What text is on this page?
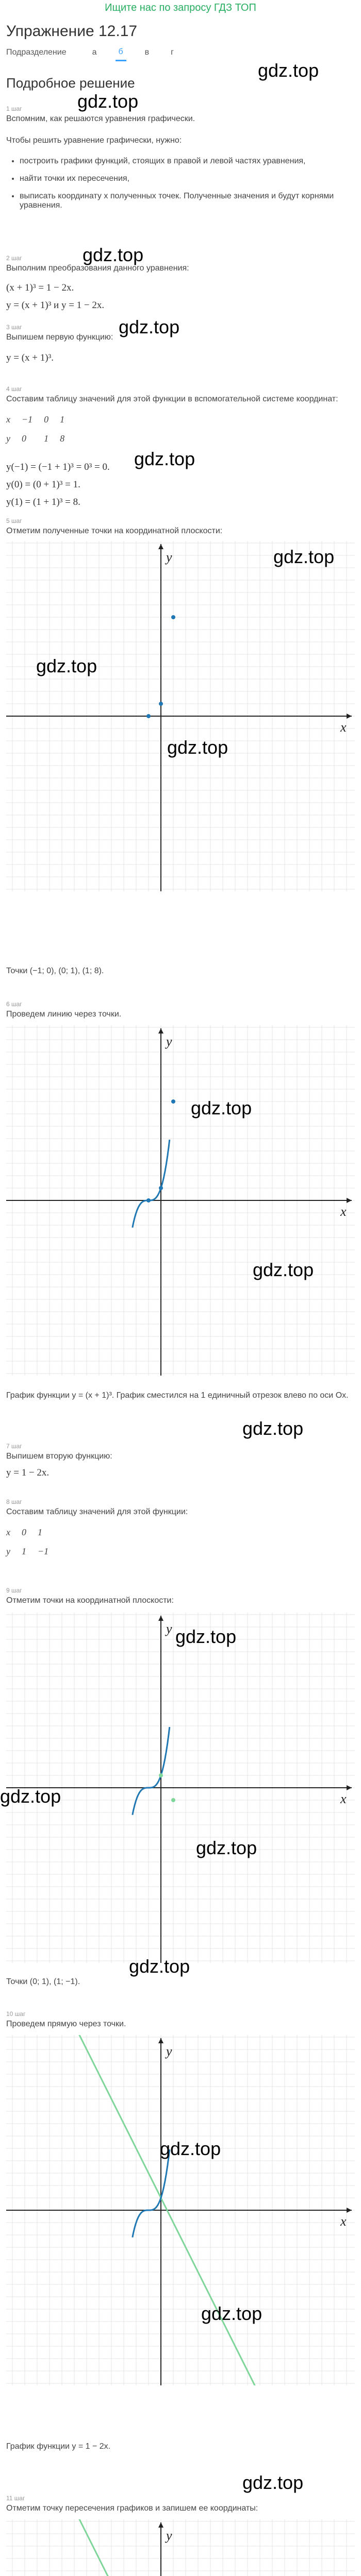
Ищите нас по запросу ГДЗ ТОП
Упражнение 12.17
Подразделение	а	б	в	г
Подробное решение
gdz.top
gdz.top
1 шаг
Вспомним, как решаются уравнения графически.
Чтобы решить уравнение графически, нужно:
• построить графики функций, стоящих в правой и левой частях уравнения,
• найти точки их пересечения,
• выписать координату x полученных точек. Полученные значения и будут корнями уравнения.
gdz.top
2 шаг
Выполним преобразования данного уравнения:
(x + 1)³ = 1 − 2x.
y = (x + 1)³ и y = 1 − 2x.
gdz.top
3 шаг
Выпишем первую функцию:
y = (x + 1)³.
4 шаг
Составим таблицу значений для этой функции в вспомогательной системе координат:
x	−1	0	1
y	0	1	8
gdz.top
y(−1) = (−1 + 1)³ = 0³ = 0.
y(0) = (0 + 1)³ = 1.
y(1) = (1 + 1)³ = 8.
5 шаг
Отметим полученные точки на координатной плоскости:
x
y	gdz.top
gdz.top
gdz.top
Точки (−1; 0), (0; 1), (1; 8).
6 шаг
Проведем линию через точки.
x
y
gdz.top
gdz.top
График функции y = (x + 1)³. График сместился на 1 единичный отрезок влево по оси Ox.
gdz.top
7 шаг
Выпишем вторую функцию:
y = 1 − 2x.
8 шаг
Составим таблицу значений для этой функции:
x	0	1
y	1	−1
9 шаг
Отметим точки на координатной плоскости:
x
y gdz.top
gdz.top
gdz.top
Точки (0; 1), (1; −1).
gdz.top
10 шаг
Проведем прямую через точки.
x
y
gdz.top
gdz.top
График функции y = 1 − 2x.
gdz.top
11 шаг
Отметим точку пересечения графиков и запишем ее координаты:
y
